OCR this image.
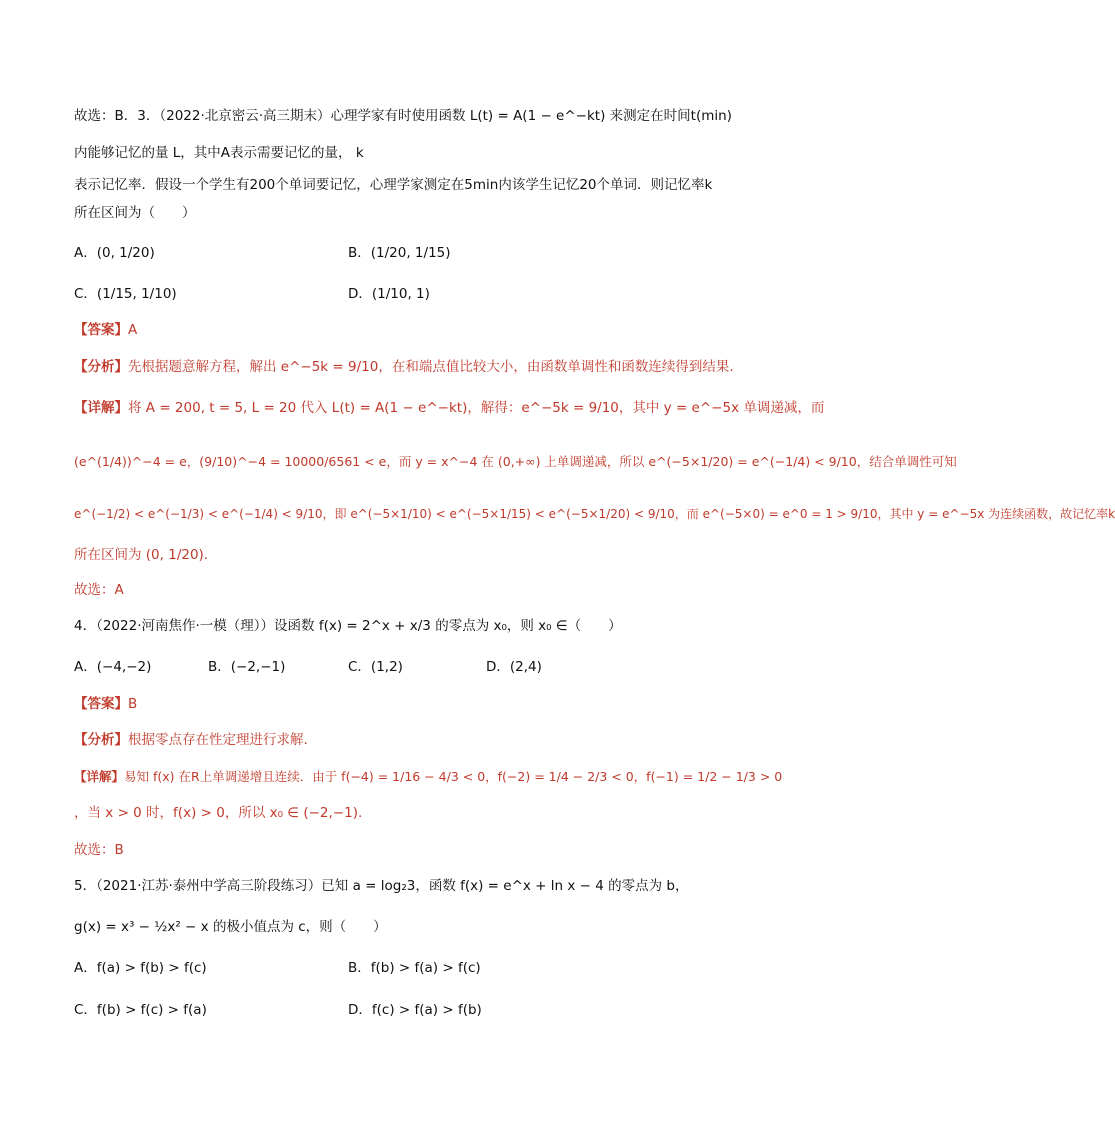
故选：B．3．（2022·北京密云·高三期末）心理学家有时使用函数 L(t) = A(1 − e^−kt) 来测定在时间t(min)
内能够记忆的量 L，其中A表示需要记忆的量， k
表示记忆率．假设一个学生有200个单词要记忆，心理学家测定在5min内该学生记忆20个单词．则记忆率k
所在区间为（　　）
A．(0, 1/20)	B．(1/20, 1/15)
C．(1/15, 1/10)	D．(1/10, 1)
【答案】A
【分析】先根据题意解方程，解出 e^−5k = 9/10，在和端点值比较大小，由函数单调性和函数连续得到结果.
【详解】将 A = 200, t = 5, L = 20 代入 L(t) = A(1 − e^−kt)，解得：e^−5k = 9/10，其中 y = e^−5x 单调递减，而
(e^(1/4))^−4 = e，(9/10)^−4 = 10000/6561 < e，而 y = x^−4 在 (0,+∞) 上单调递减，所以 e^(−5×1/20) = e^(−1/4) < 9/10，结合单调性可知
e^(−1/2) < e^(−1/3) < e^(−1/4) < 9/10，即 e^(−5×1/10) < e^(−5×1/15) < e^(−5×1/20) < 9/10，而 e^(−5×0) = e^0 = 1 > 9/10，其中 y = e^−5x 为连续函数，故记忆率k
所在区间为 (0, 1/20).
故选：A
4．（2022·河南焦作·一模（理））设函数 f(x) = 2^x + x/3 的零点为 x₀，则 x₀ ∈（　　）
A．(−4,−2)	B．(−2,−1)	C．(1,2)	D．(2,4)
【答案】B
【分析】根据零点存在性定理进行求解.
【详解】易知 f(x) 在R上单调递增且连续．由于 f(−4) = 1/16 − 4/3 < 0，f(−2) = 1/4 − 2/3 < 0，f(−1) = 1/2 − 1/3 > 0
，当 x > 0 时，f(x) > 0，所以 x₀ ∈ (−2,−1).
故选：B
5．（2021·江苏·泰州中学高三阶段练习）已知 a = log₂3，函数 f(x) = e^x + ln x − 4 的零点为 b，
g(x) = x³ − ½x² − x 的极小值点为 c，则（　　）
A．f(a) > f(b) > f(c)	B．f(b) > f(a) > f(c)
C．f(b) > f(c) > f(a)	D．f(c) > f(a) > f(b)
